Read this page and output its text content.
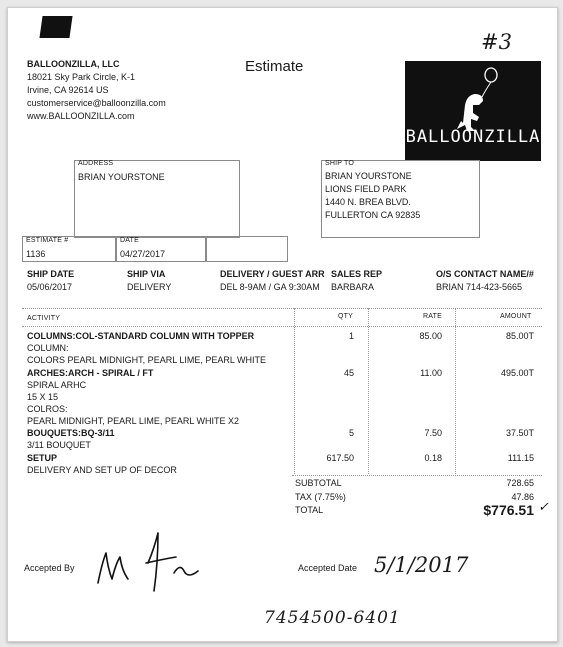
#3
BALLOONZILLA, LLC
18021 Sky Park Circle, K-1
Irvine, CA 92614 US
customerservice@balloonzilla.com
www.BALLOONZILLA.com
Estimate
BALLOONZILLA
ADDRESS
BRIAN YOURSTONE
SHIP TO
BRIAN YOURSTONE
LIONS FIELD PARK
1440 N. BREA BLVD.
FULLERTON CA 92835
ESTIMATE #
1136
DATE
04/27/2017
SHIP DATE
05/06/2017
SHIP VIA
DELIVERY
DELIVERY / GUEST ARR
DEL 8-9AM / GA 9:30AM
SALES REP
BARBARA
O/S CONTACT NAME/#
BRIAN 714-423-5665
ACTIVITY	QTY	RATE	AMOUNT
COLUMNS:COL-STANDARD COLUMN WITH TOPPER
COLUMN:
COLORS PEARL MIDNIGHT, PEARL LIME, PEARL WHITE
1	85.00	85.00T
ARCHES:ARCH - SPIRAL / FT
SPIRAL ARHC
15 X 15
COLROS:
PEARL MIDNIGHT, PEARL LIME, PEARL WHITE X2
45	11.00	495.00T
BOUQUETS:BQ-3/11
3/11 BOUQUET
5	7.50	37.50T
SETUP
DELIVERY AND SET UP OF DECOR
617.50	0.18	111.15
SUBTOTAL	728.65
TAX (7.75%)	47.86
TOTAL	$776.51 ✓
Accepted By	Accepted Date 5/1/2017
7454500-6401
